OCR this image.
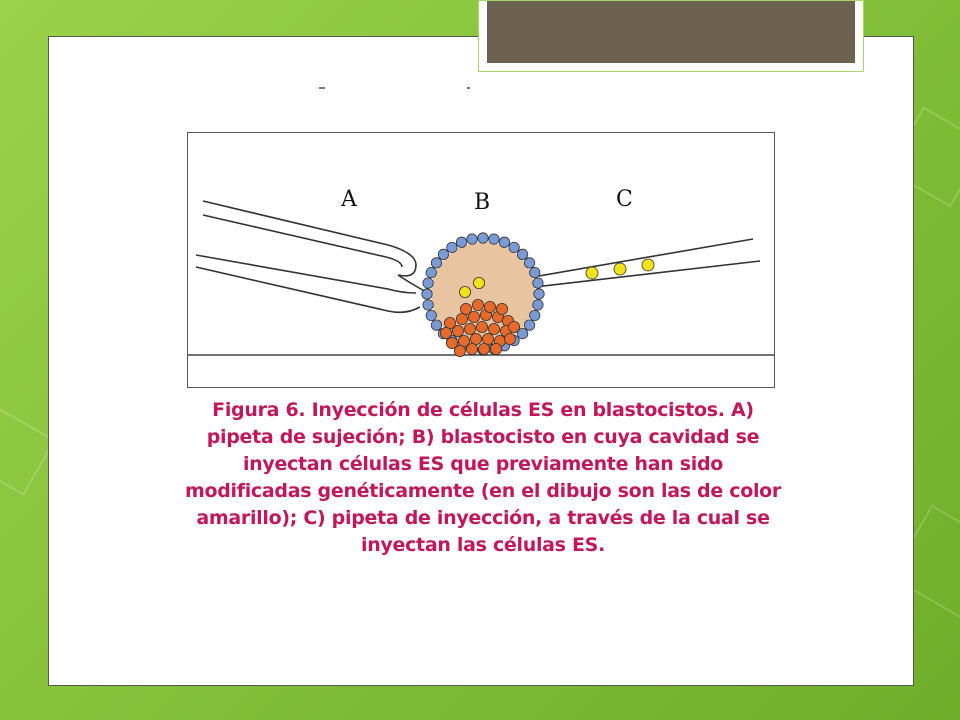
A	B	C
Figura 6. Inyección de células ES en blastocistos. A)
pipeta de sujeción; B) blastocisto en cuya cavidad se
inyectan células ES que previamente han sido
modificadas genéticamente (en el dibujo son las de color
amarillo); C) pipeta de inyección, a través de la cual se
inyectan las células ES.
